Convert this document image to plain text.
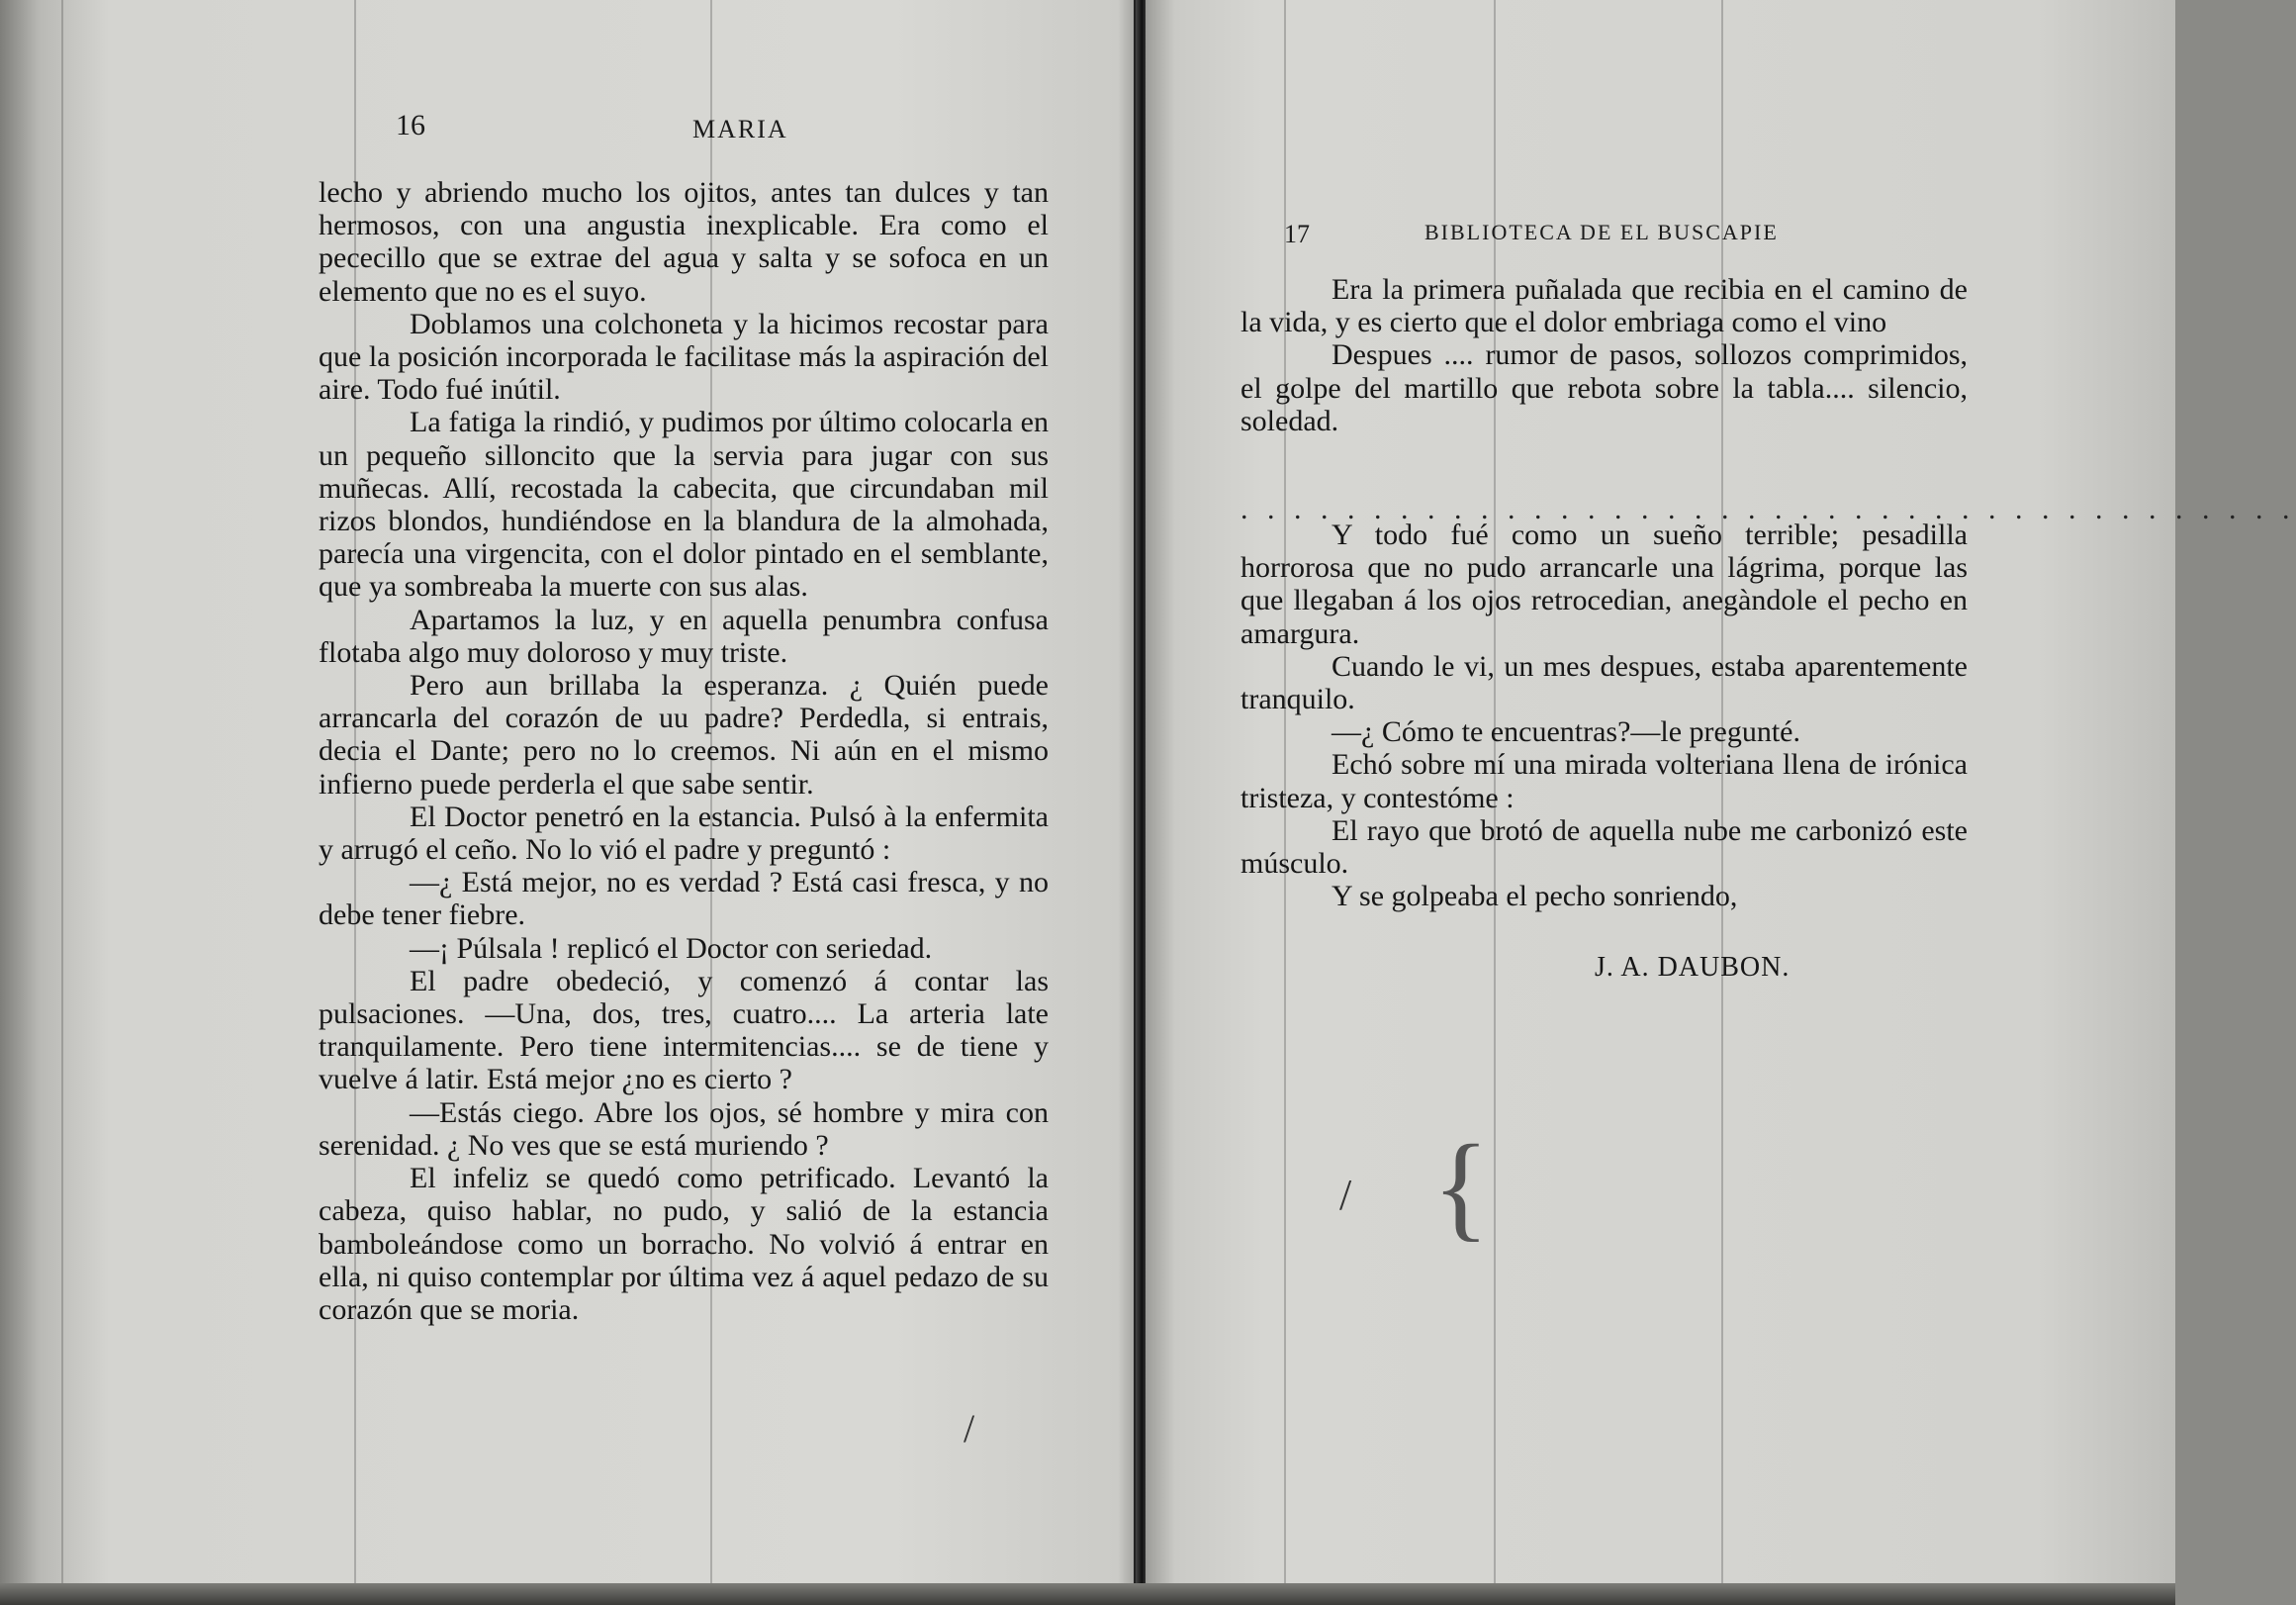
16	MARIA

lecho y abriendo mucho los ojitos, antes tan dulces y tan hermosos, con una angustia inexplicable. Era como el pececillo que se extrae del agua y salta y se sofoca en un elemento que no es el suyo.

Doblamos una colchoneta y la hicimos recostar para que la posición incorporada le facilitase más la aspiración del aire. Todo fué inútil.

La fatiga la rindió, y pudimos por último colocarla en un pequeño silloncito que la servia para jugar con sus muñecas. Allí, recostada la cabecita, que circundaban mil rizos blondos, hundiéndose en la blandura de la almohada, parecía una virgencita, con el dolor pintado en el semblante, que ya sombreaba la muerte con sus alas.

Apartamos la luz, y en aquella penumbra confusa flotaba algo muy doloroso y muy triste.

Pero aun brillaba la esperanza. ¿ Quién puede arrancarla del corazón de uu padre? Perdedla, si entrais, decia el Dante; pero no lo creemos. Ni aún en el mismo infierno puede perderla el que sabe sentir.

El Doctor penetró en la estancia. Pulsó à la enfermita y arrugó el ceño. No lo vió el padre y preguntó :

—¿ Está mejor, no es verdad ? Está casi fresca, y no debe tener fiebre.

—¡ Púlsala ! replicó el Doctor con seriedad.

El padre obedeció, y comenzó á contar las pulsaciones. —Una, dos, tres, cuatro.... La arteria late tranquilamente. Pero tiene intermitencias.... se de tiene y vuelve á latir. Está mejor ¿no es cierto ?

—Estás ciego. Abre los ojos, sé hombre y mira con serenidad. ¿ No ves que se está muriendo ?

El infeliz se quedó como petrificado. Levantó la cabeza, quiso hablar, no pudo, y salió de la estancia bamboleándose como un borracho. No volvió á entrar en ella, ni quiso contemplar por última vez á aquel pedazo de su corazón que se moria.

/
17	BIBLIOTECA DE EL BUSCAPIE

Era la primera puñalada que recibia en el camino de la vida, y es cierto que el dolor embriaga como el vino

Despues .... rumor de pasos, sollozos comprimidos, el golpe del martillo que rebota sobre la tabla.... silencio, soledad.

. . . . . . . . . . . . . . . . . . . . . . . . . . . . . . . . . . . . . . . .

Y todo fué como un sueño terrible; pesadilla horrorosa que no pudo arrancarle una lágrima, porque las que llegaban á los ojos retrocedian, anegàndole el pecho en amargura.

Cuando le vi, un mes despues, estaba aparentemente tranquilo.

—¿ Cómo te encuentras?—le pregunté.

Echó sobre mí una mirada volteriana llena de irónica tristeza, y contestóme :

El rayo que brotó de aquella nube me carbonizó este músculo.

Y se golpeaba el pecho sonriendo,

J. A. DAUBON.
/ {
